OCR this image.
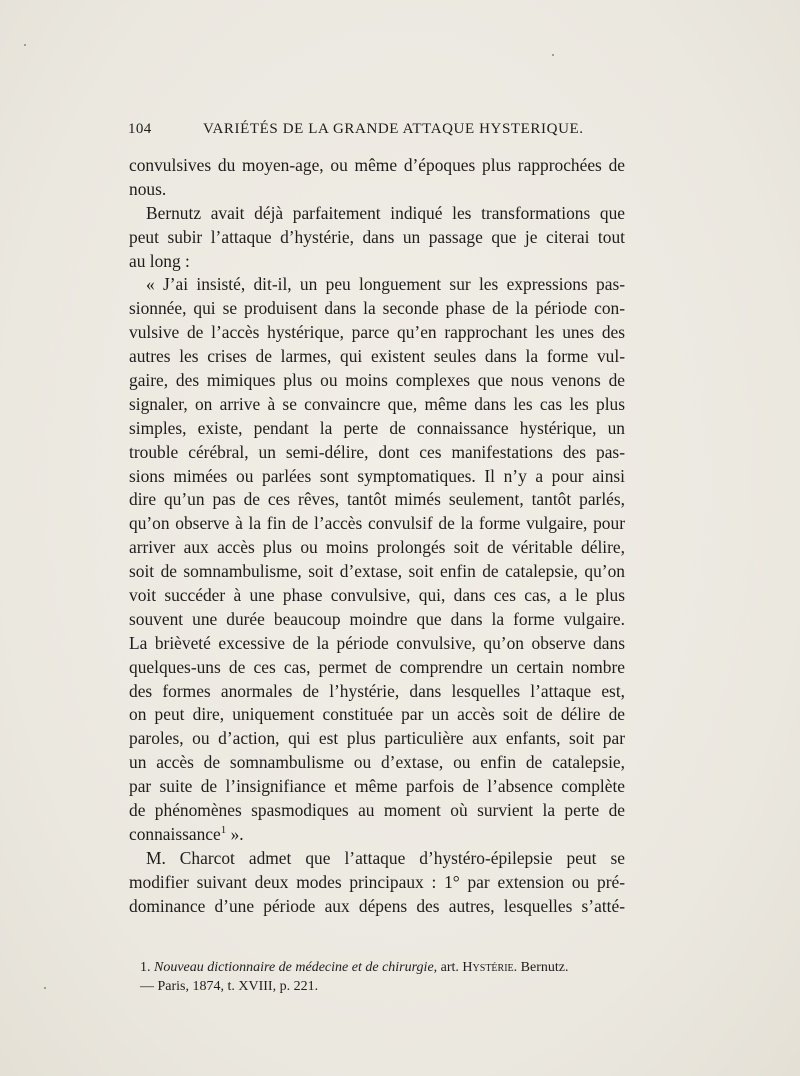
104	VARIÉTÉS DE LA GRANDE ATTAQUE HYSTERIQUE.
convulsives du moyen-age, ou même d’époques plus rapprochées de
nous.
Bernutz avait déjà parfaitement indiqué les transformations que
peut subir l’attaque d’hystérie, dans un passage que je citerai tout
au long :
« J’ai insisté, dit-il, un peu longuement sur les expressions pas-
sionnée, qui se produisent dans la seconde phase de la période con-
vulsive de l’accès hystérique, parce qu’en rapprochant les unes des
autres les crises de larmes, qui existent seules dans la forme vul-
gaire, des mimiques plus ou moins complexes que nous venons de
signaler, on arrive à se convaincre que, même dans les cas les plus
simples, existe, pendant la perte de connaissance hystérique, un
trouble cérébral, un semi-délire, dont ces manifestations des pas-
sions mimées ou parlées sont symptomatiques. Il n’y a pour ainsi
dire qu’un pas de ces rêves, tantôt mimés seulement, tantôt parlés,
qu’on observe à la fin de l’accès convulsif de la forme vulgaire, pour
arriver aux accès plus ou moins prolongés soit de véritable délire,
soit de somnambulisme, soit d’extase, soit enfin de catalepsie, qu’on
voit succéder à une phase convulsive, qui, dans ces cas, a le plus
souvent une durée beaucoup moindre que dans la forme vulgaire.
La brièveté excessive de la période convulsive, qu’on observe dans
quelques-uns de ces cas, permet de comprendre un certain nombre
des formes anormales de l’hystérie, dans lesquelles l’attaque est,
on peut dire, uniquement constituée par un accès soit de délire de
paroles, ou d’action, qui est plus particulière aux enfants, soit par
un accès de somnambulisme ou d’extase, ou enfin de catalepsie,
par suite de l’insignifiance et même parfois de l’absence complète
de phénomènes spasmodiques au moment où survient la perte de
connaissance$^1$ ».
M. Charcot admet que l’attaque d’hystéro-épilepsie peut se
modifier suivant deux modes principaux : 1° par extension ou pré-
dominance d’une période aux dépens des autres, lesquelles s’atté-
1. Nouveau dictionnaire de médecine et de chirurgie, art. Hystérie. Bernutz.
— Paris, 1874, t. XVIII, p. 221.
